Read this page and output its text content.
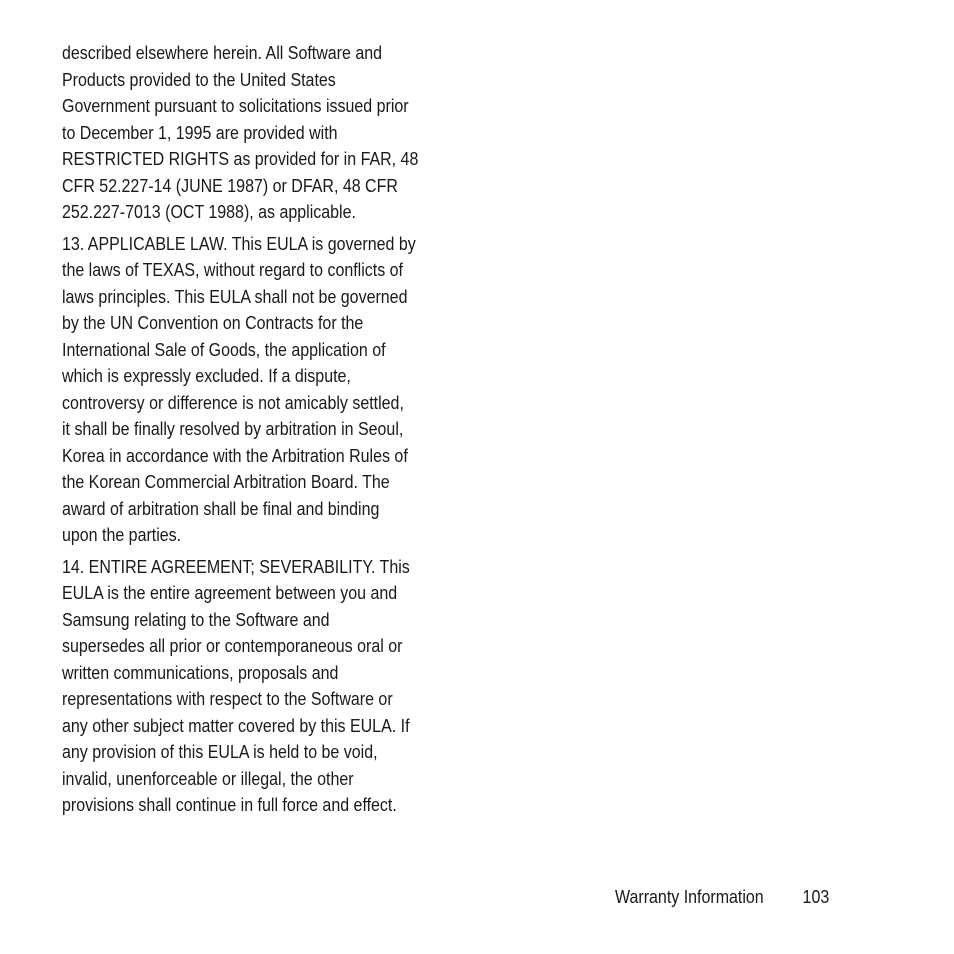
described elsewhere herein. All Software and
Products provided to the United States
Government pursuant to solicitations issued prior
to December 1, 1995 are provided with
RESTRICTED RIGHTS as provided for in FAR, 48
CFR 52.227-14 (JUNE 1987) or DFAR, 48 CFR
252.227-7013 (OCT 1988), as applicable.

13. APPLICABLE LAW. This EULA is governed by
the laws of TEXAS, without regard to conflicts of
laws principles. This EULA shall not be governed
by the UN Convention on Contracts for the
International Sale of Goods, the application of
which is expressly excluded. If a dispute,
controversy or difference is not amicably settled,
it shall be finally resolved by arbitration in Seoul,
Korea in accordance with the Arbitration Rules of
the Korean Commercial Arbitration Board. The
award of arbitration shall be final and binding
upon the parties.

14. ENTIRE AGREEMENT; SEVERABILITY. This
EULA is the entire agreement between you and
Samsung relating to the Software and
supersedes all prior or contemporaneous oral or
written communications, proposals and
representations with respect to the Software or
any other subject matter covered by this EULA. If
any provision of this EULA is held to be void,
invalid, unenforceable or illegal, the other
provisions shall continue in full force and effect.

Warranty Information 103
